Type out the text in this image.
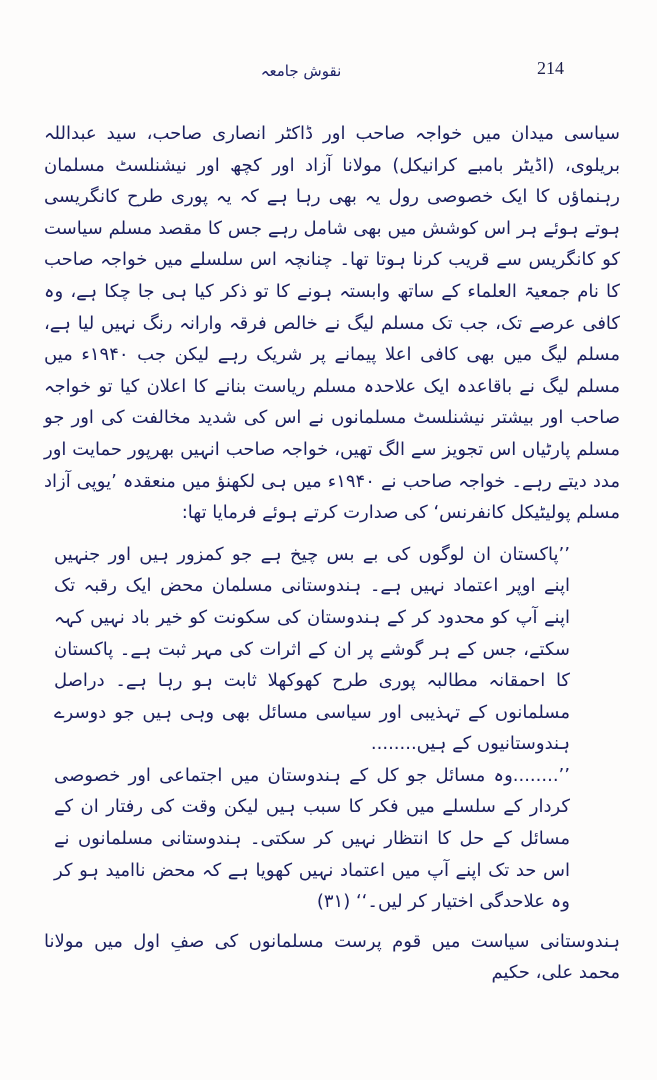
214
نقوش جامعہ

سیاسی میدان میں خواجہ صاحب اور ڈاکٹر انصاری صاحب، سید عبداللہ بریلوی، (اڈیٹر بامبے کرانیکل) مولانا آزاد اور کچھ اور نیشنلسٹ مسلمان رہنماؤں کا ایک خصوصی رول یہ بھی رہا ہے کہ یہ پوری طرح کانگریسی ہوتے ہوئے ہر اس کوشش میں بھی شامل رہے جس کا مقصد مسلم سیاست کو کانگریس سے قریب کرنا ہوتا تھا۔ چنانچہ اس سلسلے میں خواجہ صاحب کا نام جمعیۃ العلماء کے ساتھ وابستہ ہونے کا تو ذکر کیا ہی جا چکا ہے، وہ کافی عرصے تک، جب تک مسلم لیگ نے خالص فرقہ وارانہ رنگ نہیں لیا ہے، مسلم لیگ میں بھی کافی اعلا پیمانے پر شریک رہے لیکن جب ۱۹۴۰ء میں مسلم لیگ نے باقاعدہ ایک علاحدہ مسلم ریاست بنانے کا اعلان کیا تو خواجہ صاحب اور بیشتر نیشنلسٹ مسلمانوں نے اس کی شدید مخالفت کی اور جو مسلم پارٹیاں اس تجویز سے الگ تھیں، خواجہ صاحب انہیں بھرپور حمایت اور مدد دیتے رہے۔ خواجہ صاحب نے ۱۹۴۰ء میں ہی لکھنؤ میں منعقدہ ’یوپی آزاد مسلم پولیٹیکل کانفرنس‘ کی صدارت کرتے ہوئے فرمایا تھا:

’’پاکستان ان لوگوں کی بے بس چیخ ہے جو کمزور ہیں اور جنہیں اپنے اوپر اعتماد نہیں ہے۔ ہندوستانی مسلمان محض ایک رقبہ تک اپنے آپ کو محدود کر کے ہندوستان کی سکونت کو خیر باد نہیں کہہ سکتے، جس کے ہر گوشے پر ان کے اثرات کی مہر ثبت ہے۔ پاکستان کا احمقانہ مطالبہ پوری طرح کھوکھلا ثابت ہو رہا ہے۔ دراصل مسلمانوں کے تہذیبی اور سیاسی مسائل بھی وہی ہیں جو دوسرے ہندوستانیوں کے ہیں........

’’........وہ مسائل جو کل کے ہندوستان میں اجتماعی اور خصوصی کردار کے سلسلے میں فکر کا سبب ہیں لیکن وقت کی رفتار ان کے مسائل کے حل کا انتظار نہیں کر سکتی۔ ہندوستانی مسلمانوں نے اس حد تک اپنے آپ میں اعتماد نہیں کھویا ہے کہ محض ناامید ہو کر وہ علاحدگی اختیار کر لیں۔‘‘ (۳۱)

ہندوستانی سیاست میں قوم پرست مسلمانوں کی صفِ اول میں مولانا محمد علی، حکیم
